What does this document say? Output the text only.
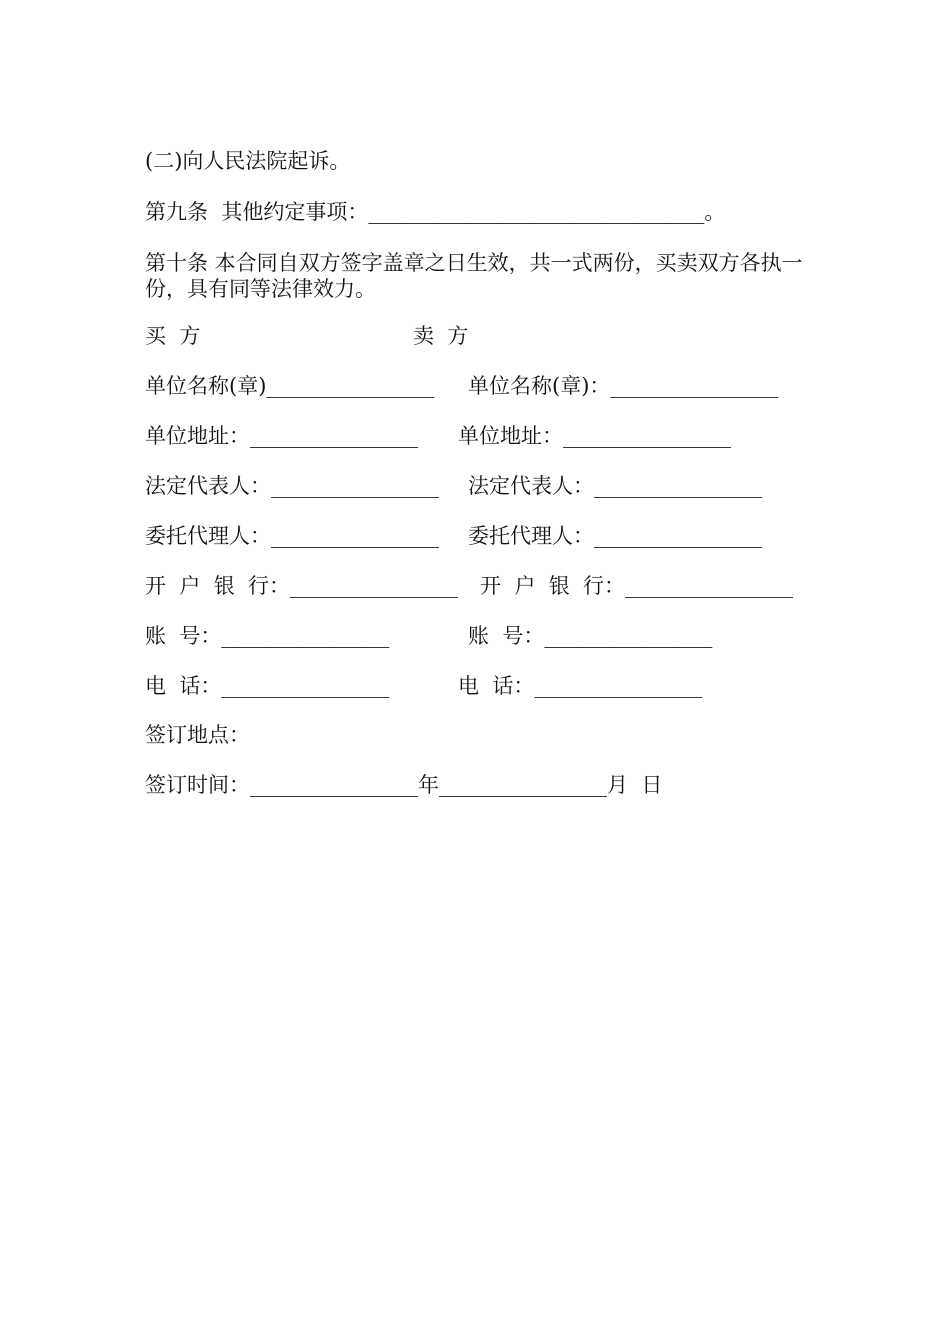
(二)向人民法院起诉。
第九条  其他约定事项：________________________________。
第十条 本合同自双方签字盖章之日生效，共一式两份，买卖双方各执一份，具有同等法律效力。
买  方	卖  方
单位名称(章)________________ 单位名称(章)：________________
单位地址：________________ 单位地址：________________
法定代表人：________________ 法定代表人：________________
委托代理人：________________ 委托代理人：________________
开  户  银  行：________________ 开  户  银  行：________________
账  号：________________	账  号：________________
电  话：________________	电  话：________________
签订地点：
签订时间：________________年________________月  日
